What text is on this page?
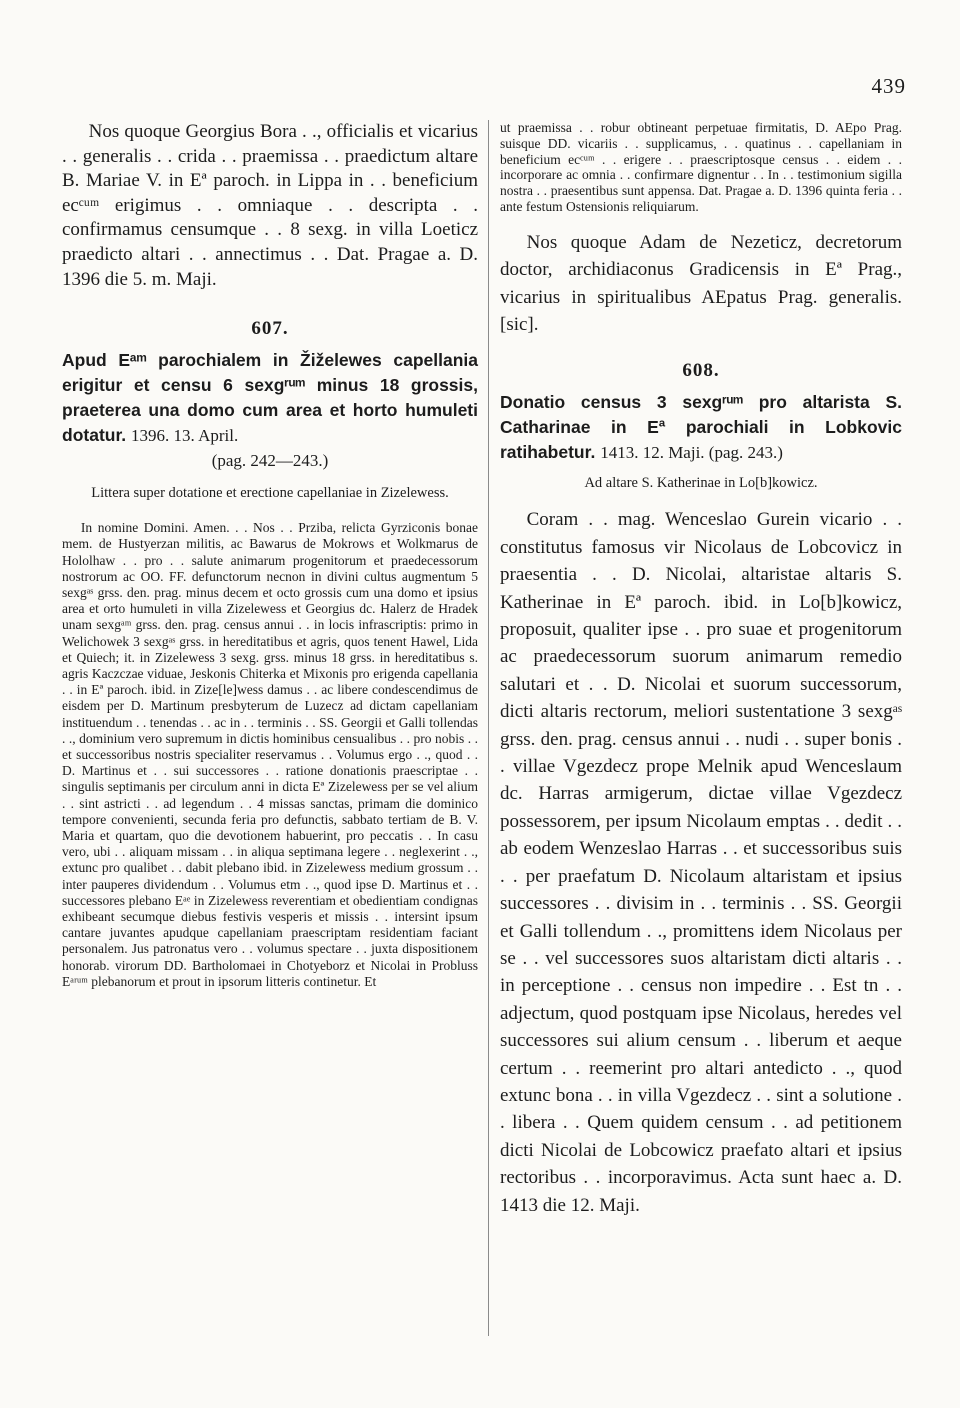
439

Nos quoque Georgius Bora . ., officialis et vicarius . . generalis . . crida . . praemissa . . praedictum altare B. Mariae V. in Eª paroch. in Lippa in . . beneficium ecᶜᵘᵐ erigimus . . omniaque . . descripta . . confirmamus censumque . . 8 sexg. in villa Loeticz praedicto altari . . annectimus . . Dat. Pragae a. D. 1396 die 5. m. Maji.

607.

Apud Eᵃᵐ parochialem in Žiželewes capellania erigitur et censu 6 sexgʳᵘᵐ minus 18 grossis, praeterea una domo cum area et horto humuleti dotatur. 1396. 13. April.

(pag. 242—243.)

Littera super dotatione et erectione capellaniae in Zizelewess.

In nomine Domini. Amen. . . Nos . . Prziba, relicta Gyrziconis bonae mem. de Hustyerzan militis, ac Bawarus de Mokrows et Wolkmarus de Hololhaw . . pro . . salute animarum progenitorum et praedecessorum nostrorum ac OO. FF. defunctorum necnon in divini cultus augmentum 5 sexgᵃˢ grss. den. prag. minus decem et octo grossis cum una domo et ipsius area et orto humuleti in villa Zizelewess et Georgius dc. Halerz de Hradek unam sexgᵃᵐ grss. den. prag. census annui . . in locis infrascriptis: primo in Welichowek 3 sexgᵃˢ grss. in hereditatibus et agris, quos tenent Hawel, Lida et Quiech; it. in Zizelewess 3 sexg. grss. minus 18 grss. in hereditatibus s. agris Kaczczae viduae, Jeskonis Chiterka et Mixonis pro erigenda capellania . . in Eª paroch. ibid. in Zize[le]wess damus . . ac libere condescendimus de eisdem per D. Martinum presbyterum de Luzecz ad dictam capellaniam instituendum . . tenendas . . ac in . . terminis . . SS. Georgii et Galli tollendas . ., dominium vero supremum in dictis hominibus censualibus . . pro nobis . . et successoribus nostris specialiter reservamus . . Volumus ergo . ., quod . . D. Martinus et . . sui successores . . ratione donationis praescriptae . . singulis septimanis per circulum anni in dicta Eª Zizelewess per se vel alium . . sint astricti . . ad legendum . . 4 missas sanctas, primam die dominico tempore convenienti, secunda feria pro defunctis, sabbato tertiam de B. V. Maria et quartam, quo die devotionem habuerint, pro peccatis . . In casu vero, ubi . . aliquam missam . . in aliqua septimana legere . . neglexerint . ., extunc pro qualibet . . dabit plebano ibid. in Zizelewess medium grossum . . inter pauperes dividendum . . Volumus etm . ., quod ipse D. Martinus et . . successores plebano Eᵃᵉ in Zizelewess reverentiam et obedientiam condignas exhibeant secumque diebus festivis vesperis et missis . . intersint ipsum cantare juvantes apudque capellaniam praescriptam residentiam faciant personalem. Jus patronatus vero . . volumus spectare . . juxta dispositionem honorab. virorum DD. Bartholomaei in Chotyeborz et Nicolai in Probluss Eᵃʳᵘᵐ plebanorum et prout in ipsorum litteris continetur. Et

ut praemissa . . robur obtineant perpetuae firmitatis, D. AEpo Prag. suisque DD. vicariis . . supplicamus, . . quatinus . . capellaniam in beneficium ecᶜᵘᵐ . . erigere . . praescriptosque census . . eidem . . incorporare ac omnia . . confirmare dignentur . . In . . testimonium sigilla nostra . . praesentibus sunt appensa. Dat. Pragae a. D. 1396 quinta feria . . ante festum Ostensionis reliquiarum.

Nos quoque Adam de Nezeticz, decretorum doctor, archidiaconus Gradicensis in Eª Prag., vicarius in spiritualibus AEpatus Prag. generalis. [sic].

608.

Donatio census 3 sexgʳᵘᵐ pro altarista S. Catharinae in Eª parochiali in Lobkovic ratihabetur. 1413. 12. Maji. (pag. 243.)

Ad altare S. Katherinae in Lo[b]kowicz.

Coram . . mag. Wenceslao Gurein vicario . . constitutus famosus vir Nicolaus de Lobcovicz in praesentia . . D. Nicolai, altaristae altaris S. Katherinae in Eª paroch. ibid. in Lo[b]kowicz, proposuit, qualiter ipse . . pro suae et progenitorum ac praedecessorum suorum animarum remedio salutari et . . D. Nicolai et suorum successorum, dicti altaris rectorum, meliori sustentatione 3 sexgᵃˢ grss. den. prag. census annui . . nudi . . super bonis . . villae Vgezdecz prope Melnik apud Wenceslaum dc. Harras armigerum, dictae villae Vgezdecz possessorem, per ipsum Nicolaum emptas . . dedit . . ab eodem Wenzeslao Harras . . et successoribus suis . . per praefatum D. Nicolaum altaristam et ipsius successores . . divisim in . . terminis . . SS. Georgii et Galli tollendum . ., promittens idem Nicolaus per se . . vel successores suos altaristam dicti altaris . . in perceptione . . census non impedire . . Est tn . . adjectum, quod postquam ipse Nicolaus, heredes vel successores sui alium censum . . liberum et aeque certum . . reemerint pro altari antedicto . ., quod extunc bona . . in villa Vgezdecz . . sint a solutione . . libera . . Quem quidem censum . . ad petitionem dicti Nicolai de Lobcowicz praefato altari et ipsius rectoribus . . incorporavimus. Acta sunt haec a. D. 1413 die 12. Maji.
